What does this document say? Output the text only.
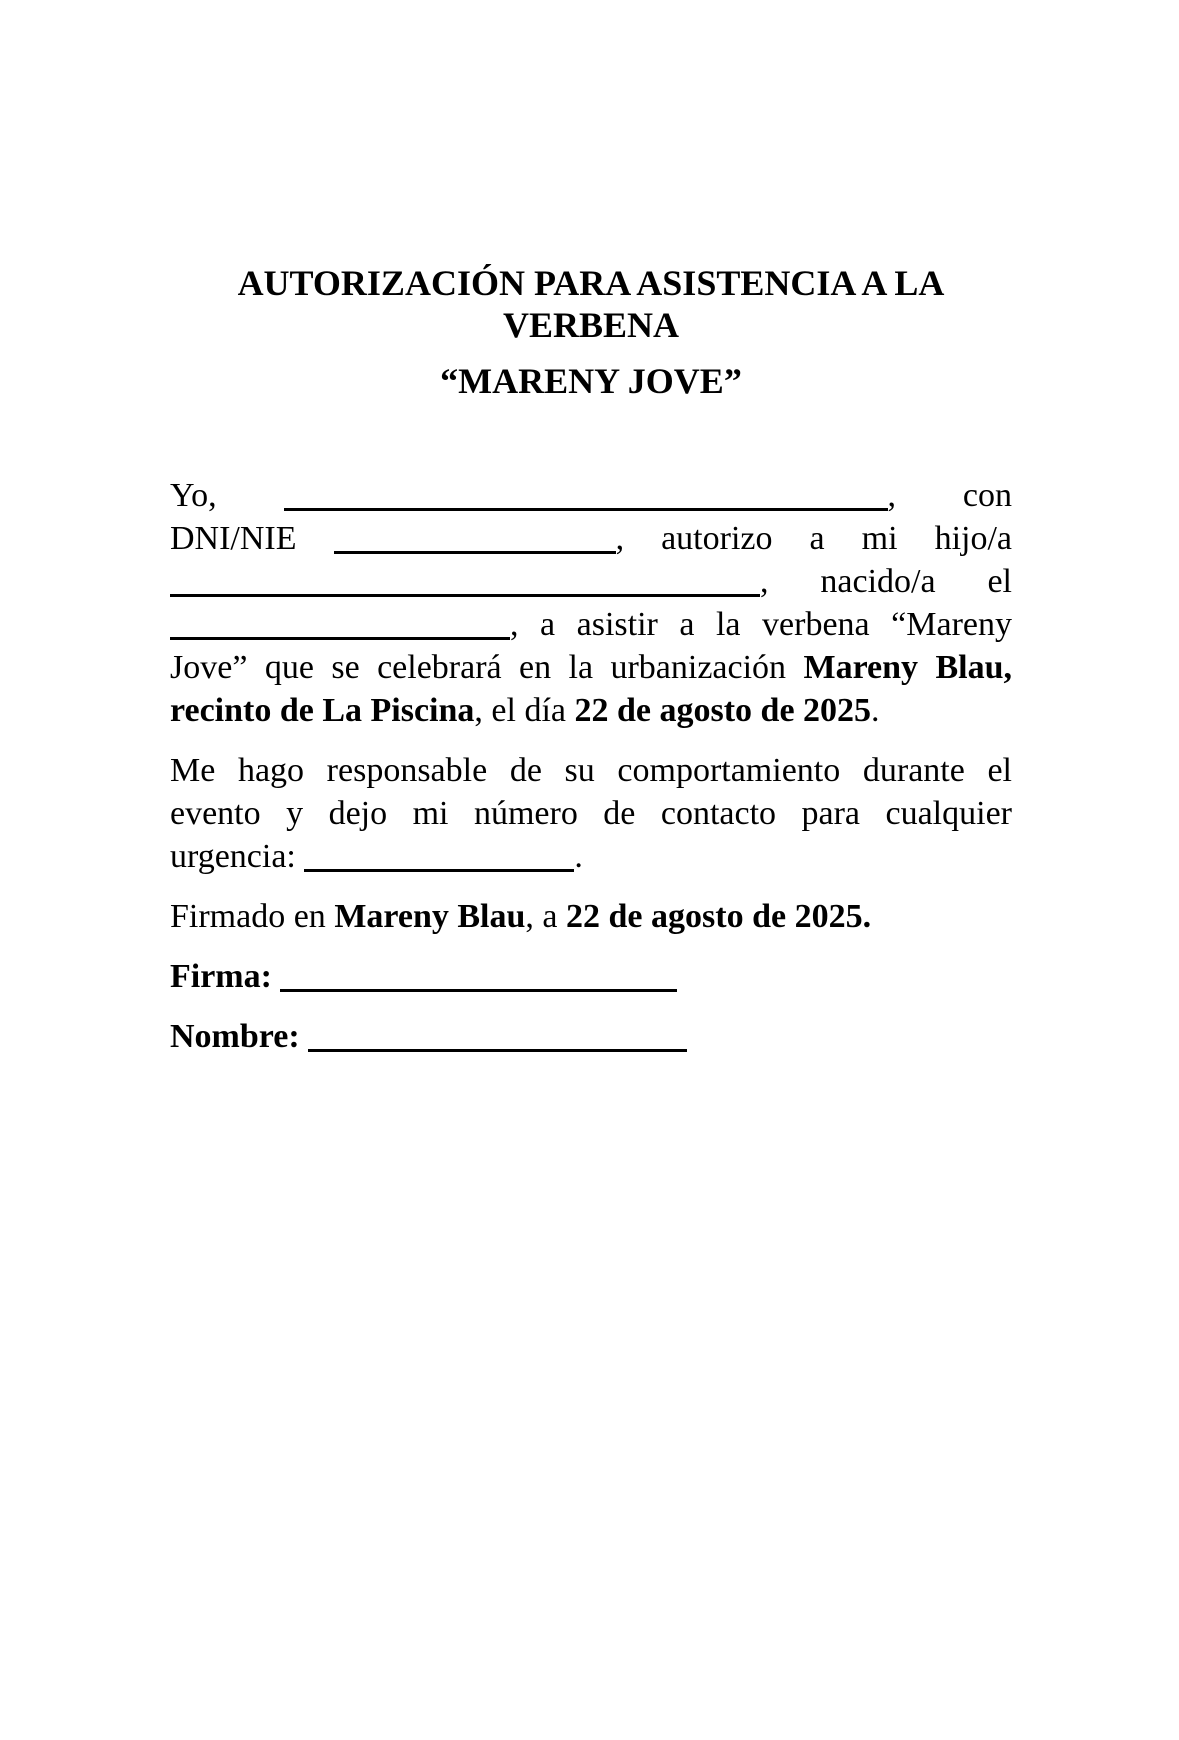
AUTORIZACIÓN PARA ASISTENCIA A LA
VERBENA
“MARENY JOVE”
Yo,	, con
DNI/NIE	, autorizo a mi hijo/a
, nacido/a el
, a asistir a la verbena “Mareny
Jove” que se celebrará en la urbanización Mareny Blau,
recinto de La Piscina, el día 22 de agosto de 2025.
Me hago responsable de su comportamiento durante el
evento y dejo mi número de contacto para cualquier
urgencia:	.
Firmado en Mareny Blau, a 22 de agosto de 2025.
Firma:
Nombre:
